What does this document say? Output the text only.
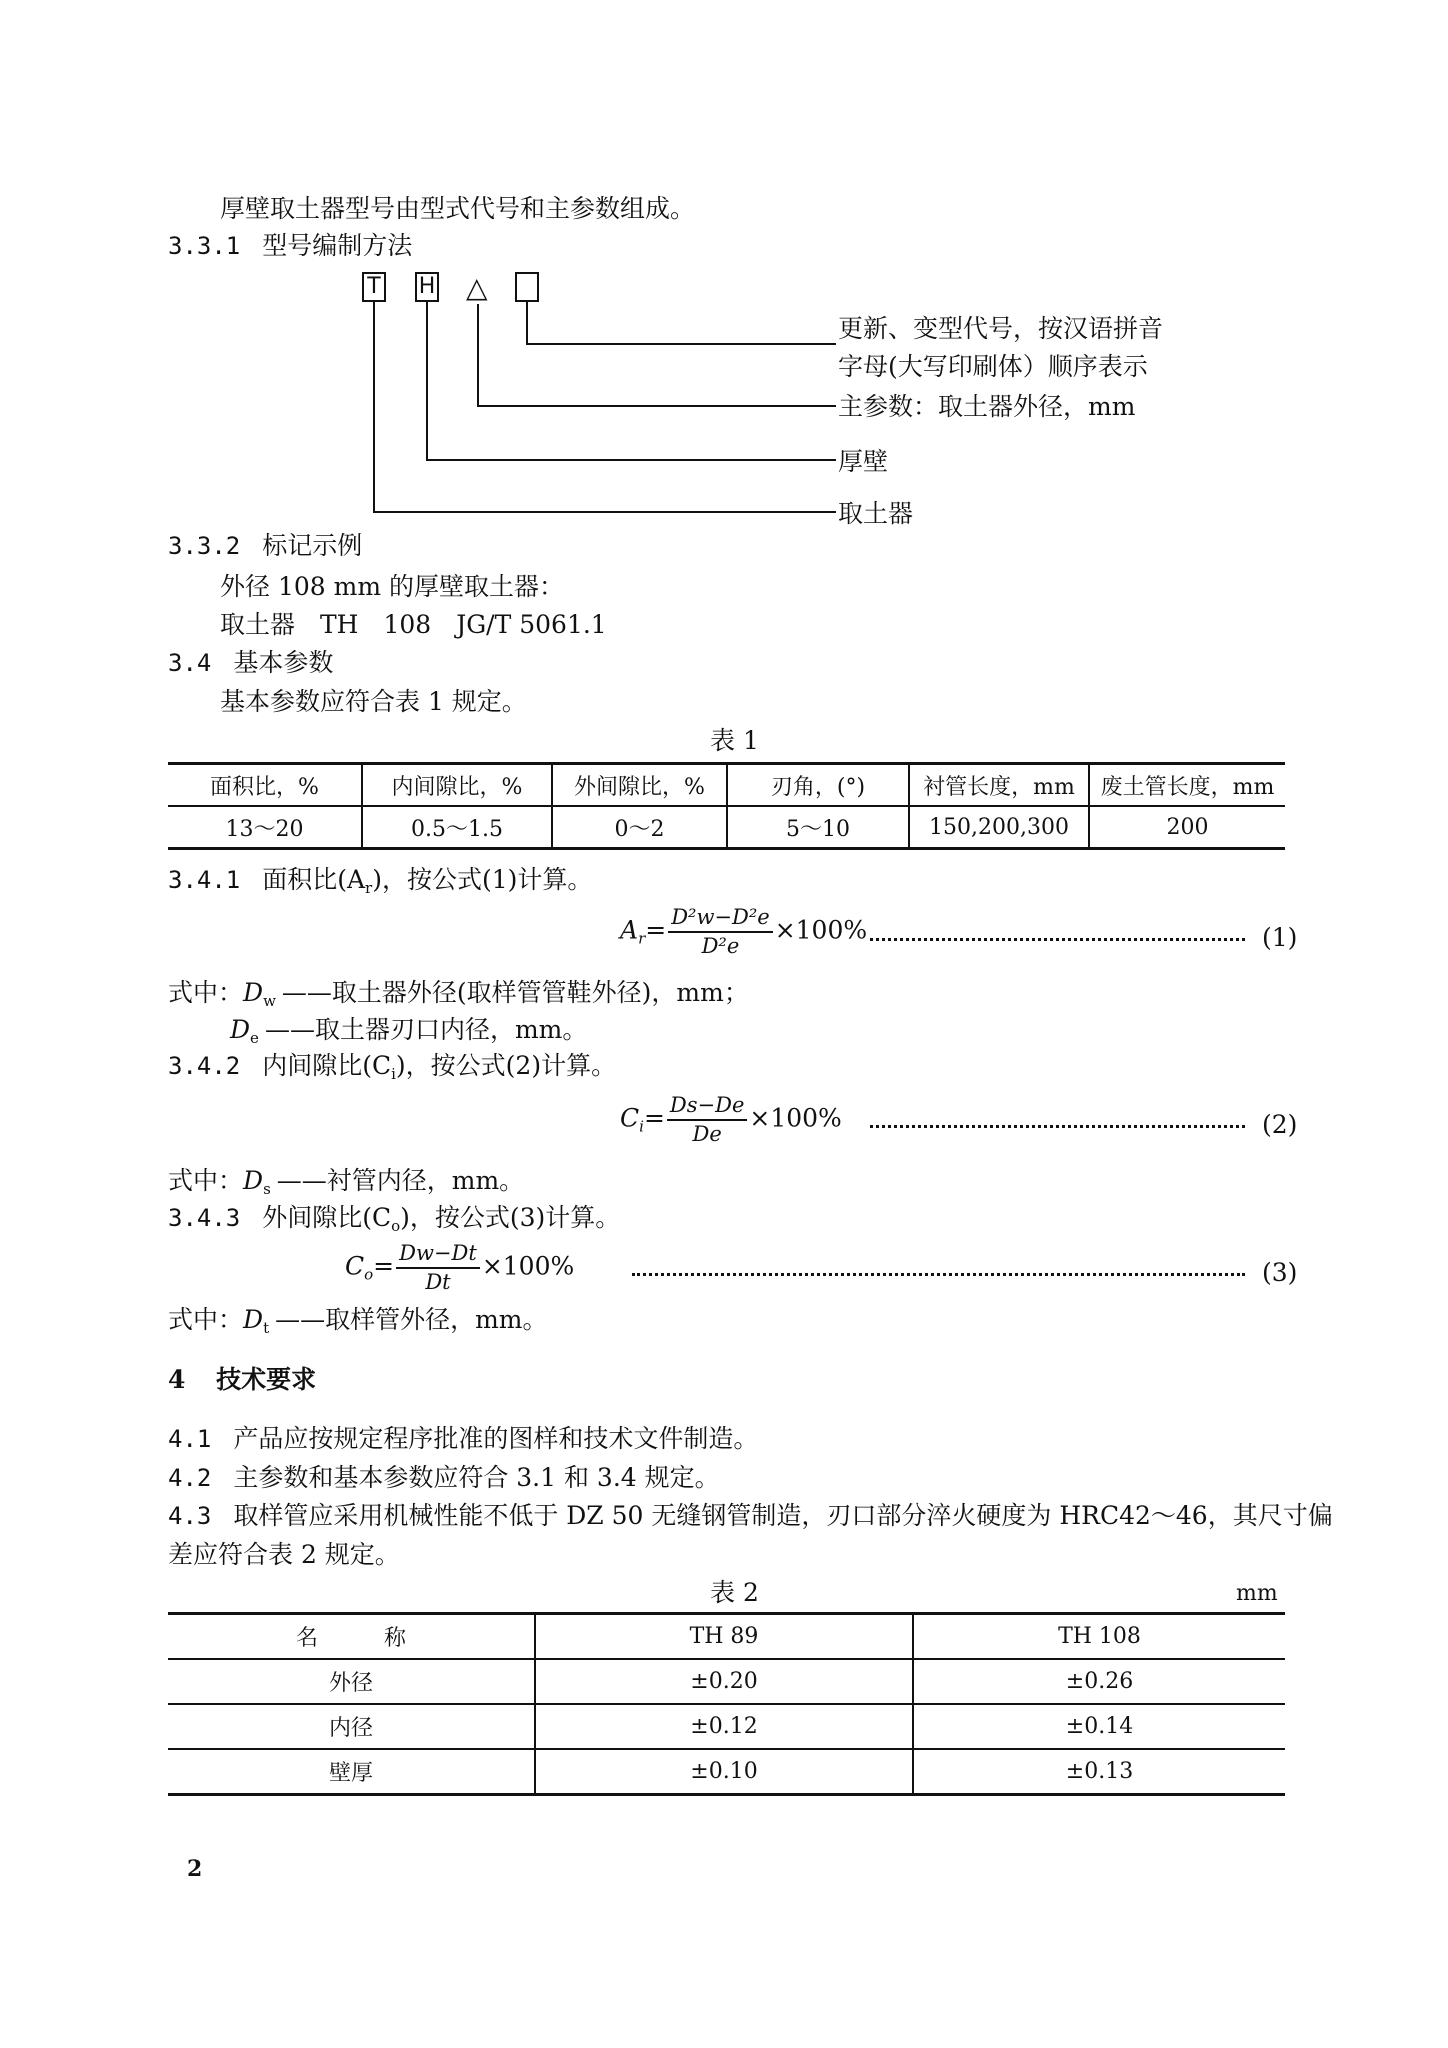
厚壁取土器型号由型式代号和主参数组成。
3.3.1 型号编制方法
T H △
更新、变型代号，按汉语拼音
字母(大写印刷体）顺序表示
主参数：取土器外径，mm
厚壁
取土器
3.3.2 标记示例
外径 108 mm 的厚壁取土器：
取土器　TH　108　JG/T 5061.1
3.4 基本参数
基本参数应符合表 1 规定。
表 1
面积比，%	内间隙比，%	外间隙比，%	刃角，(°)	衬管长度，mm	废土管长度，mm
13～20	0.5～1.5	0～2	5～10	150,200,300	200
3.4.1 面积比$(A_r)$，按公式(1)计算。
$A_r= \frac{\text{D²w−D²e}}{\text{D²e}} \times 100\%$	(1)
式中：$D_w$ ——取土器外径(取样管管鞋外径)，mm；
$D_e$ ——取土器刃口内径，mm。
3.4.2 内间隙比$(C_i)$，按公式(2)计算。
$C_i= \frac{Ds-De}{De} \times 100\%$	(2)
式中：$D_s$ ——衬管内径，mm。
3.4.3 外间隙比$(C_o)$，按公式(3)计算。
$C_o= \frac{Dw-Dt}{Dt} \times 100\%$	(3)
式中：$D_t$ ——取样管外径，mm。
4 技术要求
4.1 产品应按规定程序批准的图样和技术文件制造。
4.2 主参数和基本参数应符合 3.1 和 3.4 规定。
4.3 取样管应采用机械性能不低于 DZ 50 无缝钢管制造，刃口部分淬火硬度为 HRC42～46，其尺寸偏
差应符合表 2 规定。
表 2	mm
名　　　称	TH 89	TH 108
外径	±0.20	±0.26
内径	±0.12	±0.14
壁厚	±0.10	±0.13
2
